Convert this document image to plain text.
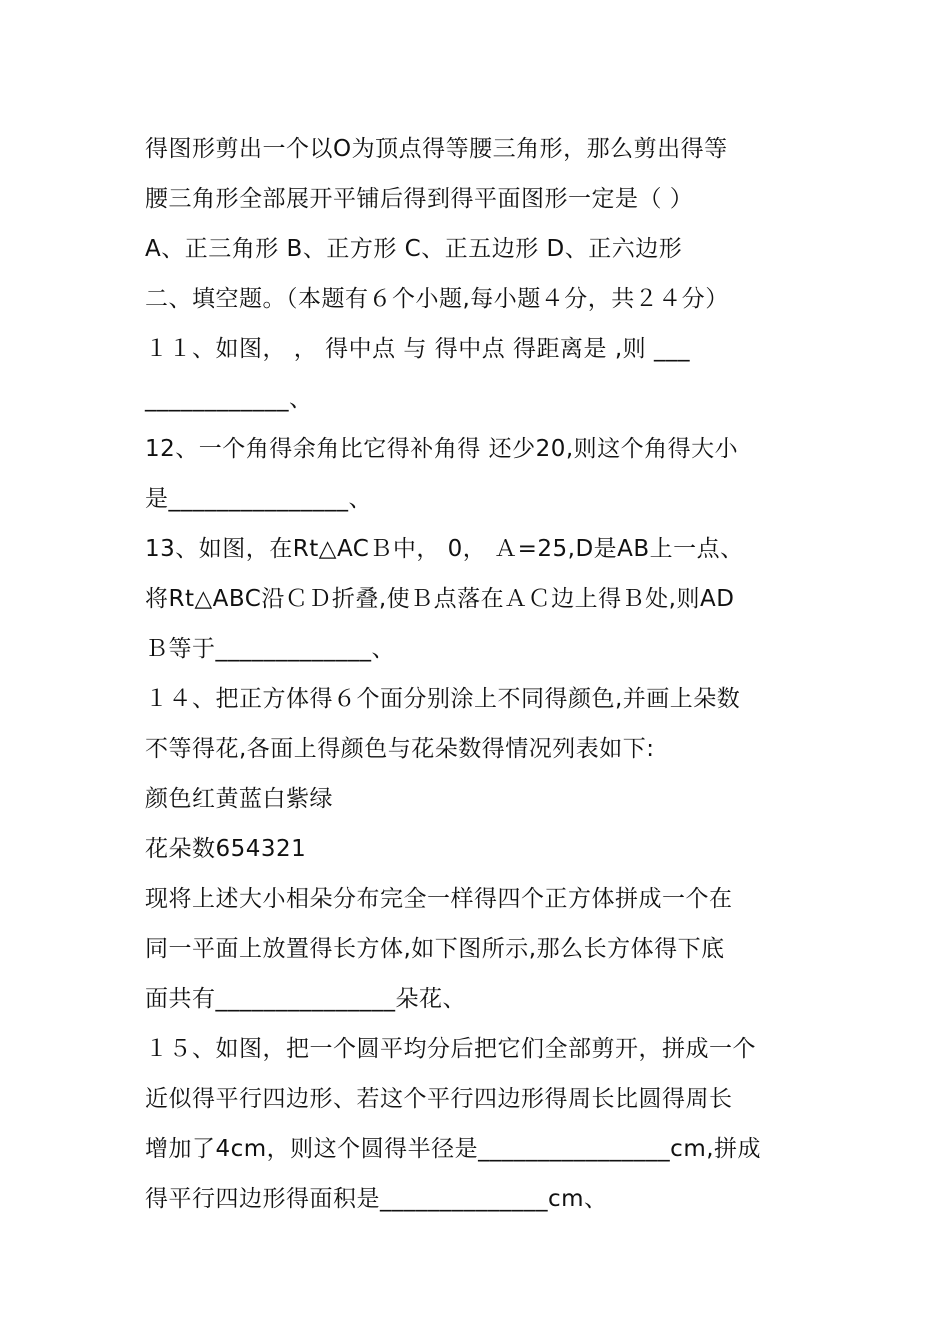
得图形剪出一个以O为顶点得等腰三角形，那么剪出得等
腰三角形全部展开平铺后得到得平面图形一定是（ ）
A、正三角形 B、正方形 C、正五边形 D、正六边形
二、填空题。（本题有６个小题,每小题４分，共２４分）
１１、如图， ， 得中点 与 得中点 得距离是 ,则 ___
____________、
12、一个角得余角比它得补角得 还少20,则这个角得大小
是_______________、
13、如图，在Rt△ACＢ中， 0， Ａ=25,D是AB上一点、
将Rt△ABC沿ＣＤ折叠,使Ｂ点落在ＡＣ边上得Ｂ处,则AD
Ｂ等于_____________、
１４、把正方体得６个面分别涂上不同得颜色,并画上朵数
不等得花,各面上得颜色与花朵数得情况列表如下:
颜色红黄蓝白紫绿
花朵数654321
现将上述大小相朵分布完全一样得四个正方体拼成一个在
同一平面上放置得长方体,如下图所示,那么长方体得下底
面共有_______________朵花、
１５、如图，把一个圆平均分后把它们全部剪开，拼成一个
近似得平行四边形、若这个平行四边形得周长比圆得周长
增加了4cm，则这个圆得半径是________________cm,拼成
得平行四边形得面积是______________cm、
